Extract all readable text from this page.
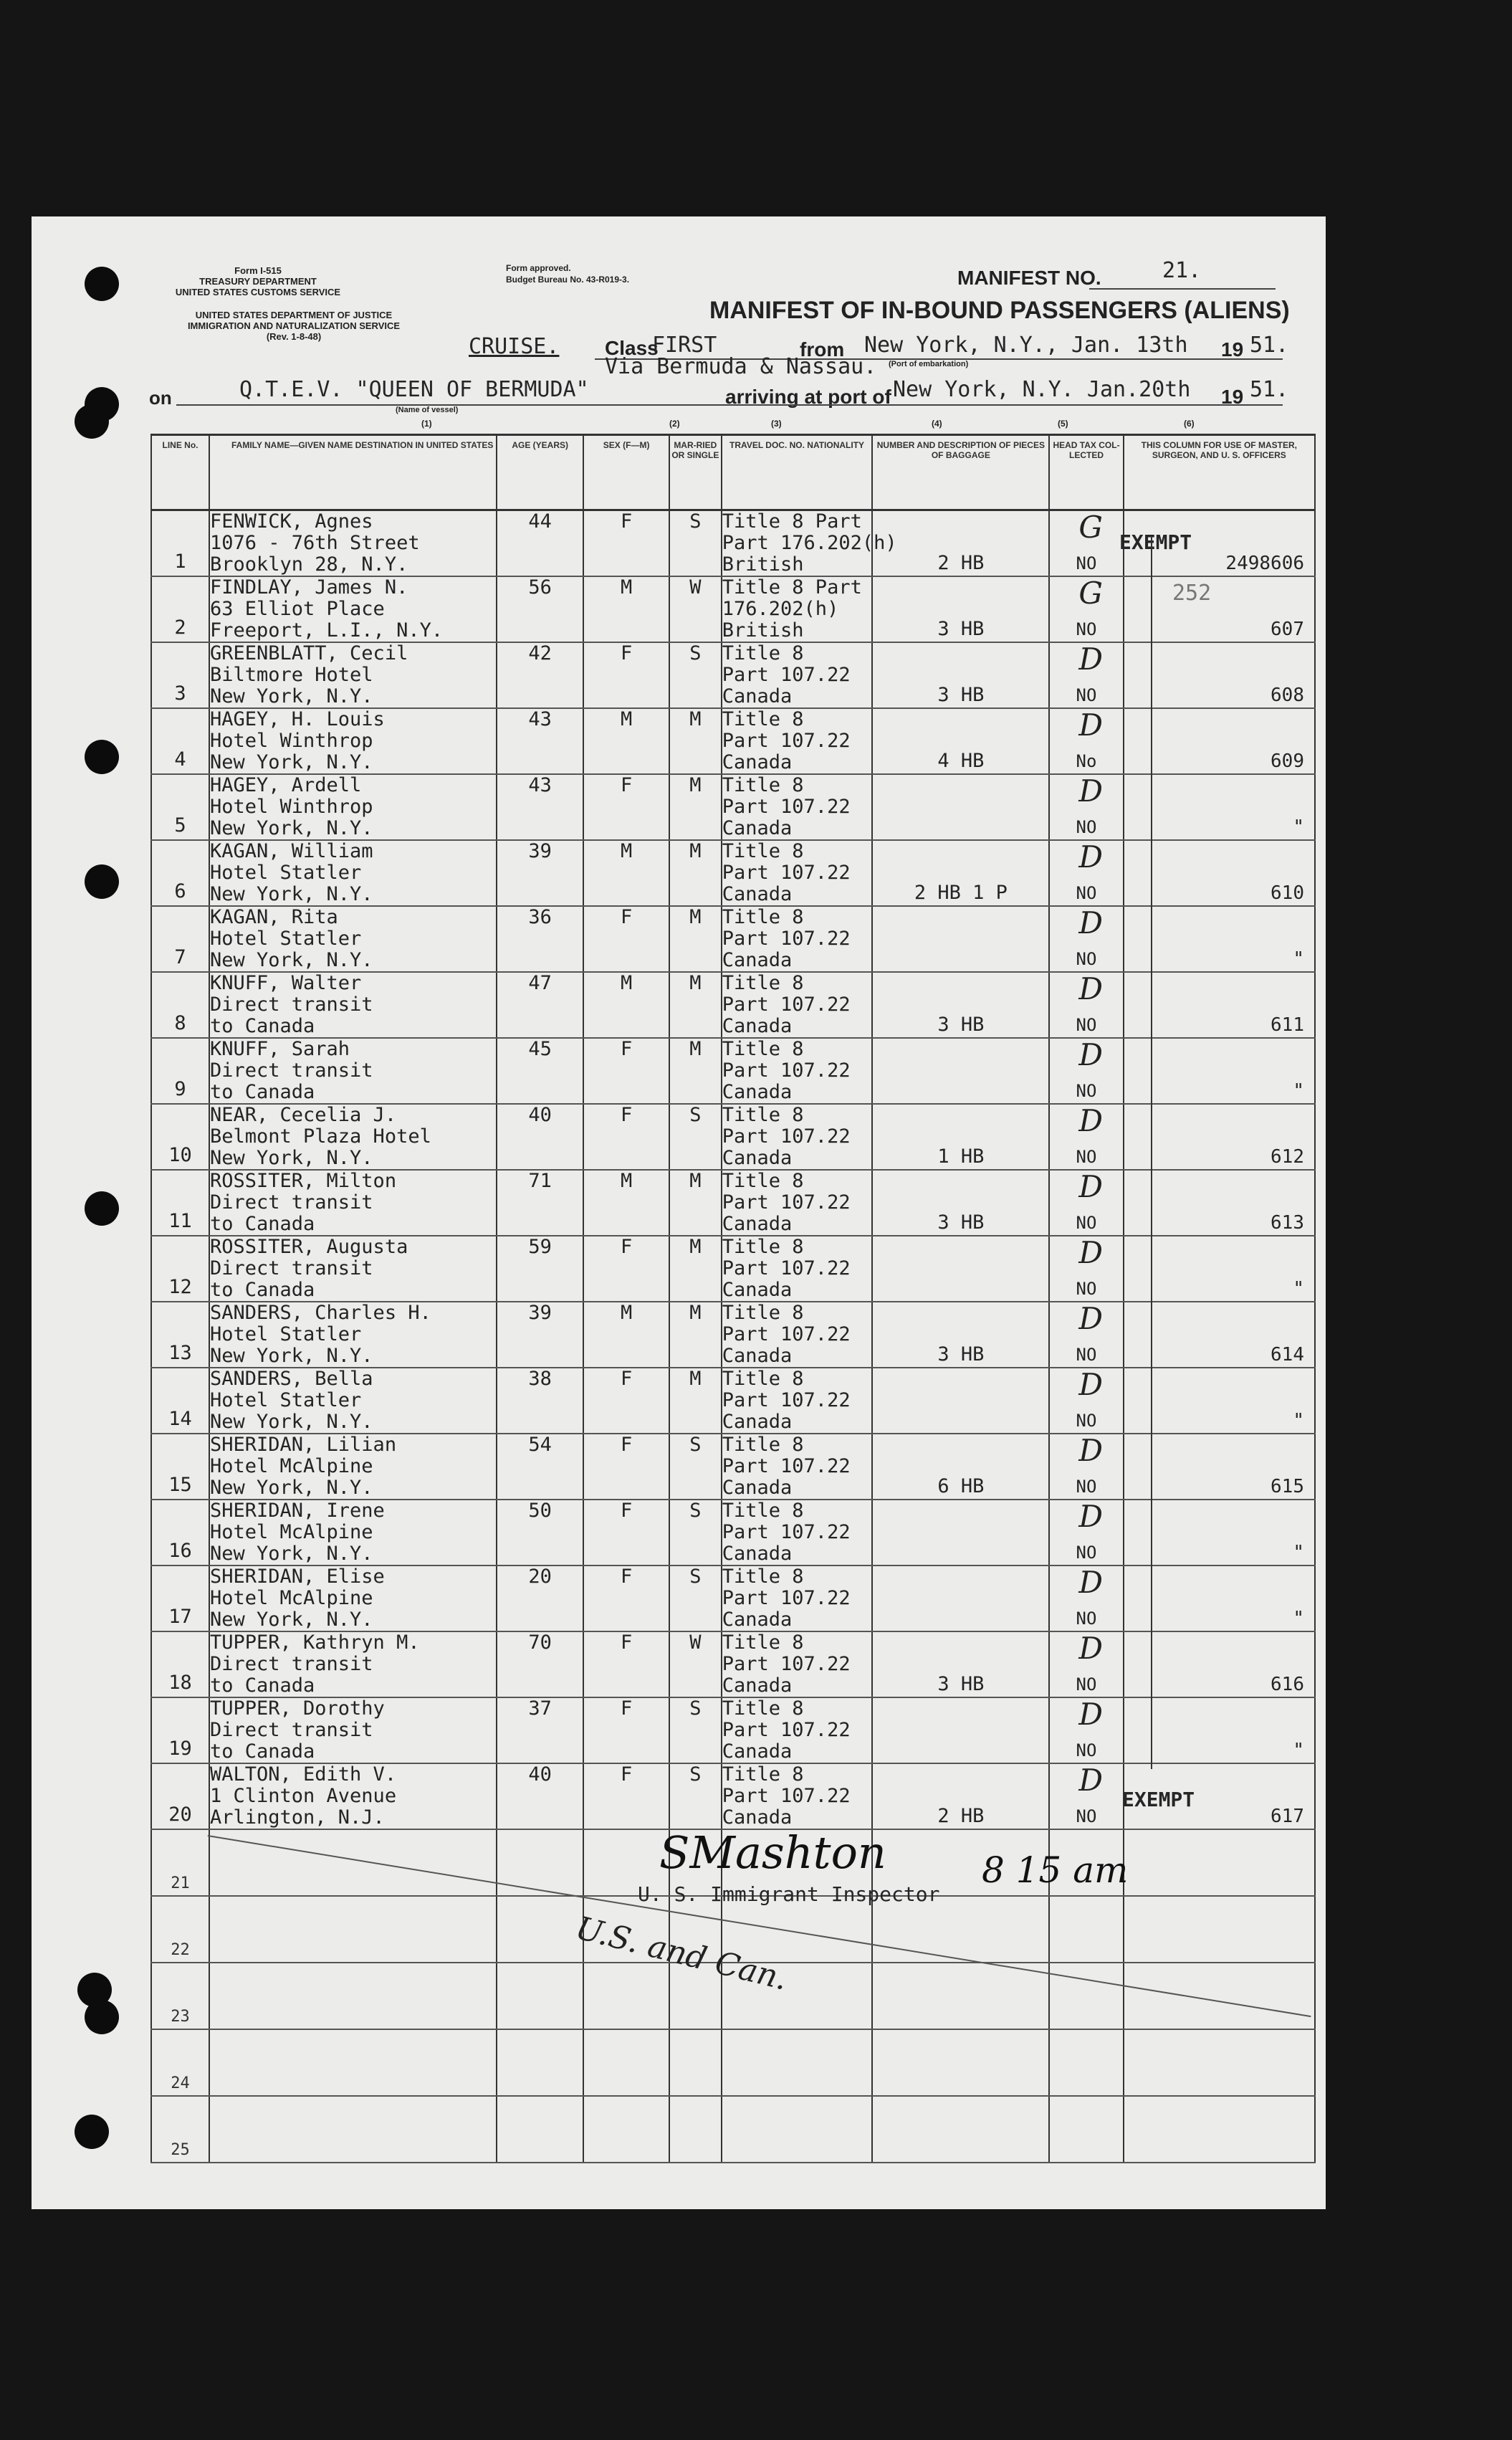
Form I-515
TREASURY DEPARTMENT
UNITED STATES CUSTOMS SERVICE
UNITED STATES DEPARTMENT OF JUSTICE
IMMIGRATION AND NATURALIZATION SERVICE
(Rev. 1-8-48)
Form approved.
Budget Bureau No. 43-R019-3.	MANIFEST NO.	21.
MANIFEST OF IN-BOUND PASSENGERS (ALIENS)
CRUISE. Class
FIRST	from New York, N.Y., Jan. 13th 19 51.
Via Bermuda & Nassau. (Port of embarkation)
on	Q.T.E.V. "QUEEN OF BERMUDA"	arriving at port of New York, N.Y. Jan.20th 19 51.
(Name of vessel)
(1)	(2)	(3)	(4)	(5)	(6)
LINE No.	FAMILY NAME—GIVEN NAME DESTINATION IN UNITED STATES	AGE (YEARS)	SEX (F—M)	MAR-RIED OR SINGLE	TRAVEL DOC. NO. NATIONALITY	NUMBER AND DESCRIPTION OF PIECES OF BAGGAGE	HEAD TAX COL-LECTED	THIS COLUMN FOR USE OF MASTER, SURGEON, AND U. S. OFFICERS

1	FENWICK, Agnes
1076 - 76th Street
Brooklyn 28, N.Y.	44	F	S	Title 8 Part
Part 176.202(h)
British	2 HB	NO
G	2498606

2	FINDLAY, James N.
63 Elliot Place
Freeport, L.I., N.Y.	56	M	W	Title 8 Part
176.202(h)
British	3 HB	NO
G	607

3	GREENBLATT, Cecil
Biltmore Hotel
New York, N.Y.	42	F	S	Title 8
Part 107.22
Canada	3 HB	NO
D	608

4	HAGEY, H. Louis
Hotel Winthrop
New York, N.Y.	43	M	M	Title 8
Part 107.22
Canada	4 HB	No
D	609

5	HAGEY, Ardell
Hotel Winthrop
New York, N.Y.	43	F	M	Title 8
Part 107.22
Canada		NO
D	"

6	KAGAN, William
Hotel Statler
New York, N.Y.	39	M	M	Title 8
Part 107.22
Canada	2 HB 1 P	NO
D	610

7	KAGAN, Rita
Hotel Statler
New York, N.Y.	36	F	M	Title 8
Part 107.22
Canada		NO
D	"

8	KNUFF, Walter
Direct transit
to Canada	47	M	M	Title 8
Part 107.22
Canada	3 HB	NO
D	611

9	KNUFF, Sarah
Direct transit
to Canada	45	F	M	Title 8
Part 107.22
Canada		NO
D	"

10	NEAR, Cecelia J.
Belmont Plaza Hotel
New York, N.Y.	40	F	S	Title 8
Part 107.22
Canada	1 HB	NO
D	612

11	ROSSITER, Milton
Direct transit
to Canada	71	M	M	Title 8
Part 107.22
Canada	3 HB	NO
D	613

12	ROSSITER, Augusta
Direct transit
to Canada	59	F	M	Title 8
Part 107.22
Canada		NO
D	"

13	SANDERS, Charles H.
Hotel Statler
New York, N.Y.	39	M	M	Title 8
Part 107.22
Canada	3 HB	NO
D	614

14	SANDERS, Bella
Hotel Statler
New York, N.Y.	38	F	M	Title 8
Part 107.22
Canada		NO
D	"

15	SHERIDAN, Lilian
Hotel McAlpine
New York, N.Y.	54	F	S	Title 8
Part 107.22
Canada	6 HB	NO
D	615

16	SHERIDAN, Irene
Hotel McAlpine
New York, N.Y.	50	F	S	Title 8
Part 107.22
Canada		NO
D	"

17	SHERIDAN, Elise
Hotel McAlpine
New York, N.Y.	20	F	S	Title 8
Part 107.22
Canada		NO
D	"

18	TUPPER, Kathryn M.
Direct transit
to Canada	70	F	W	Title 8
Part 107.22
Canada	3 HB	NO
D	616

19	TUPPER, Dorothy
Direct transit
to Canada	37	F	S	Title 8
Part 107.22
Canada		NO
D	"

20	WALTON, Edith V.
1 Clinton Avenue
Arlington, N.J.	40	F	S	Title 8
Part 107.22
Canada	2 HB	NO
D	617

21								

22								

23								

24								

25								

EXEMPT
252
EXEMPT
SMashton
U. S. Immigrant Inspector
8 15 am
U.S. and Can.
